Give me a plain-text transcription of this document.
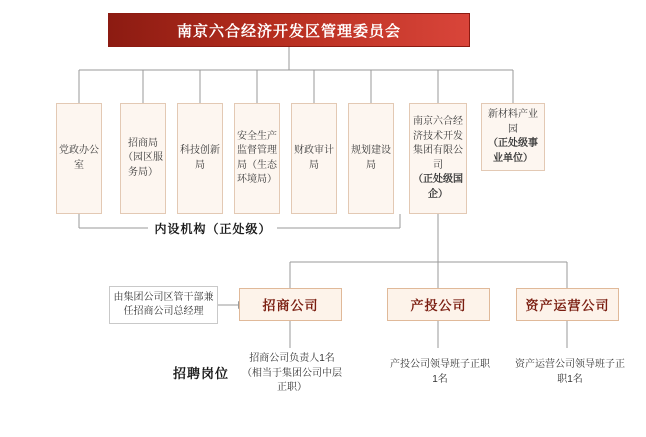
南京六合经济开发区管理委员会
党政办公室
招商局（园区服务局）
科技创新局
安全生产监督管理局（生态环境局）
财政审计局
规划建设局
南京六合经济技术开发集团有限公司
（正处级国企）
新材料产业园
（正处级事业单位）
内设机构（正处级）
由集团公司区管干部兼任招商公司总经理	招商公司	产投公司	资产运营公司
招聘岗位
招商公司负责人1名（相当于集团公司中层正职）
产投公司领导班子正职1名
资产运营公司领导班子正职1名
